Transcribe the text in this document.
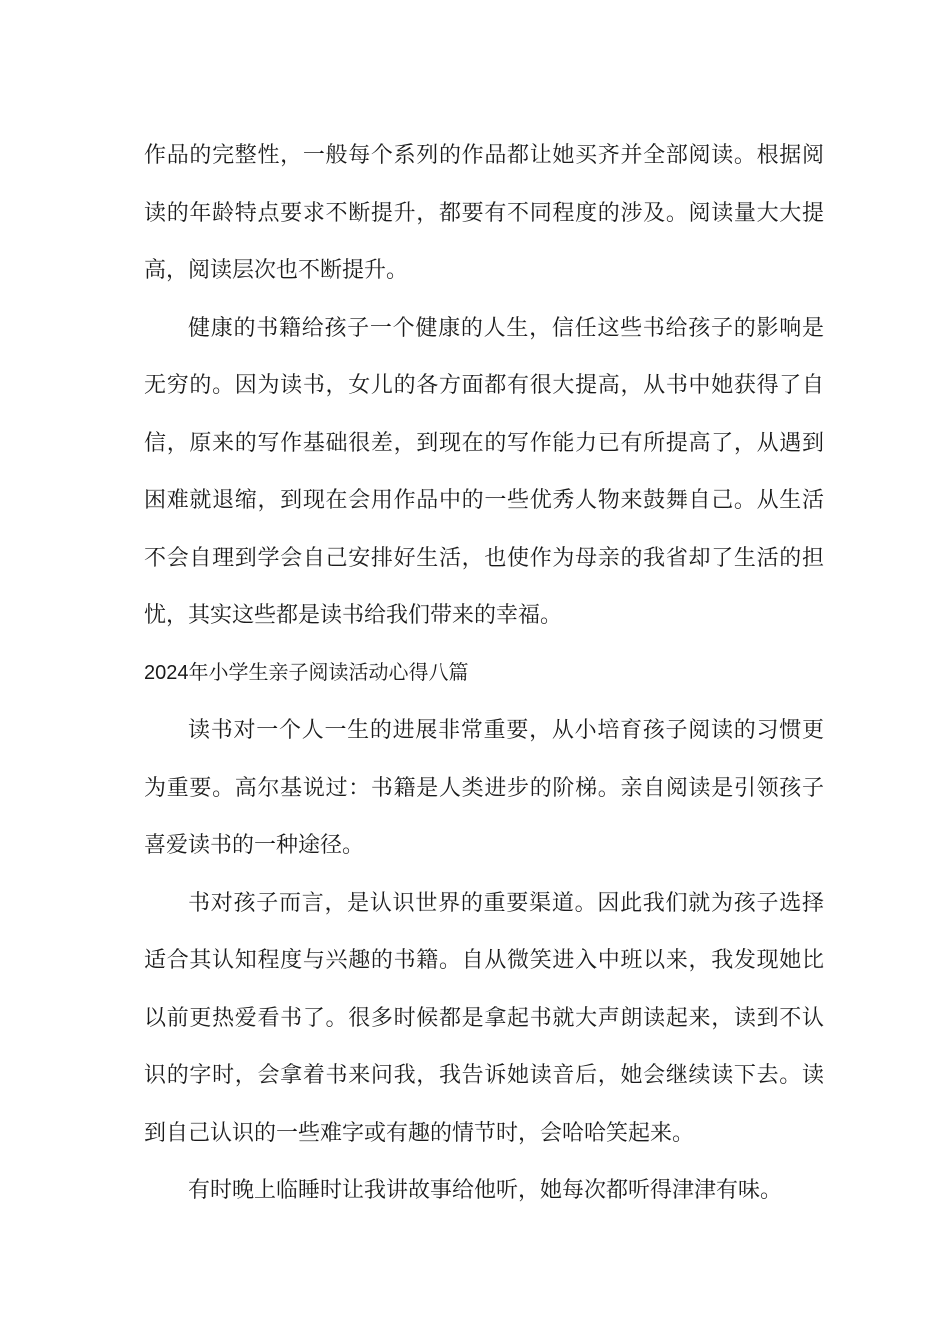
作品的完整性，一般每个系列的作品都让她买齐并全部阅读。根据阅读的年龄特点要求不断提升，都要有不同程度的涉及。阅读量大大提高，阅读层次也不断提升。

健康的书籍给孩子一个健康的人生，信任这些书给孩子的影响是无穷的。因为读书，女儿的各方面都有很大提高，从书中她获得了自信，原来的写作基础很差，到现在的写作能力已有所提高了，从遇到困难就退缩，到现在会用作品中的一些优秀人物来鼓舞自己。从生活不会自理到学会自己安排好生活，也使作为母亲的我省却了生活的担忧，其实这些都是读书给我们带来的幸福。

2024年小学生亲子阅读活动心得八篇

读书对一个人一生的进展非常重要，从小培育孩子阅读的习惯更为重要。高尔基说过：书籍是人类进步的阶梯。亲自阅读是引领孩子喜爱读书的一种途径。

书对孩子而言，是认识世界的重要渠道。因此我们就为孩子选择适合其认知程度与兴趣的书籍。自从微笑进入中班以来，我发现她比以前更热爱看书了。很多时候都是拿起书就大声朗读起来，读到不认识的字时，会拿着书来问我，我告诉她读音后，她会继续读下去。读到自己认识的一些难字或有趣的情节时，会哈哈笑起来。

有时晚上临睡时让我讲故事给他听，她每次都听得津津有味。
